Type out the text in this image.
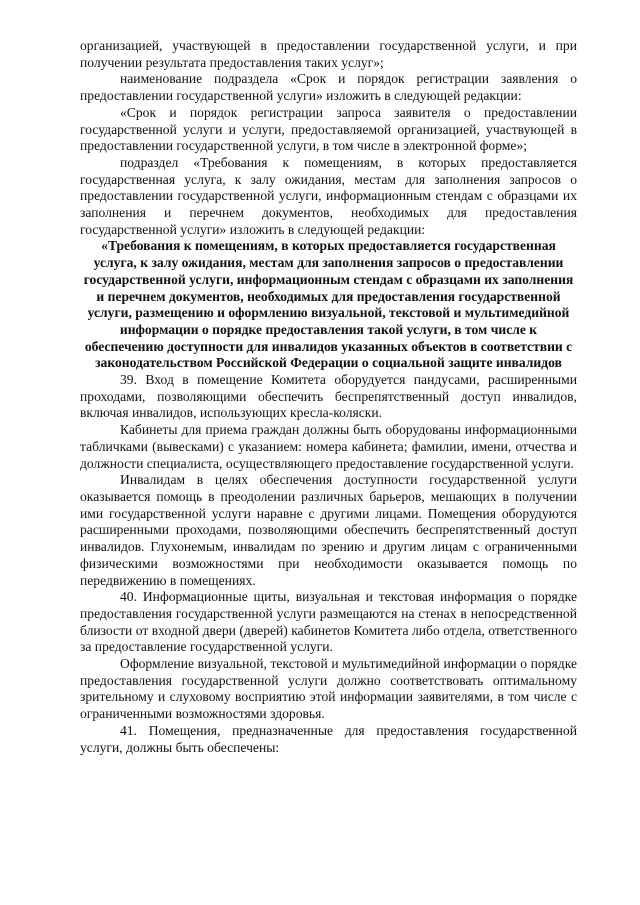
организацией, участвующей в предоставлении государственной услуги, и при получении результата предоставления таких услуг»;

наименование подраздела «Срок и порядок регистрации заявления о предоставлении государственной услуги» изложить в следующей редакции:

«Срок и порядок регистрации запроса заявителя о предоставлении государственной услуги и услуги, предоставляемой организацией, участвующей в предоставлении государственной услуги, в том числе в электронной форме»;

подраздел «Требования к помещениям, в которых предоставляется государственная услуга, к залу ожидания, местам для заполнения запросов о предоставлении государственной услуги, информационным стендам с образцами их заполнения и перечнем документов, необходимых для предоставления государственной услуги» изложить в следующей редакции:

«Требования к помещениям, в которых предоставляется государственная услуга, к залу ожидания, местам для заполнения запросов о предоставлении государственной услуги, информационным стендам с образцами их заполнения и перечнем документов, необходимых для предоставления государственной услуги, размещению и оформлению визуальной, текстовой и мультимедийной информации о порядке предоставления такой услуги, в том числе к обеспечению доступности для инвалидов указанных объектов в соответствии с законодательством Российской Федерации о социальной защите инвалидов

39. Вход в помещение Комитета оборудуется пандусами, расширенными проходами, позволяющими обеспечить беспрепятственный доступ инвалидов, включая инвалидов, использующих кресла-коляски.

Кабинеты для приема граждан должны быть оборудованы информационными табличками (вывесками) с указанием: номера кабинета; фамилии, имени, отчества и должности специалиста, осуществляющего предоставление государственной услуги.

Инвалидам в целях обеспечения доступности государственной услуги оказывается помощь в преодолении различных барьеров, мешающих в получении ими государственной услуги наравне с другими лицами. Помещения оборудуются расширенными проходами, позволяющими обеспечить беспрепятственный доступ инвалидов. Глухонемым, инвалидам по зрению и другим лицам с ограниченными физическими возможностями при необходимости оказывается помощь по передвижению в помещениях.

40. Информационные щиты, визуальная и текстовая информация о порядке предоставления государственной услуги размещаются на стенах в непосредственной близости от входной двери (дверей) кабинетов Комитета либо отдела, ответственного за предоставление государственной услуги.

Оформление визуальной, текстовой и мультимедийной информации о порядке предоставления государственной услуги должно соответствовать оптимальному зрительному и слуховому восприятию этой информации заявителями, в том числе с ограниченными возможностями здоровья.

41. Помещения, предназначенные для предоставления государственной услуги, должны быть обеспечены:
